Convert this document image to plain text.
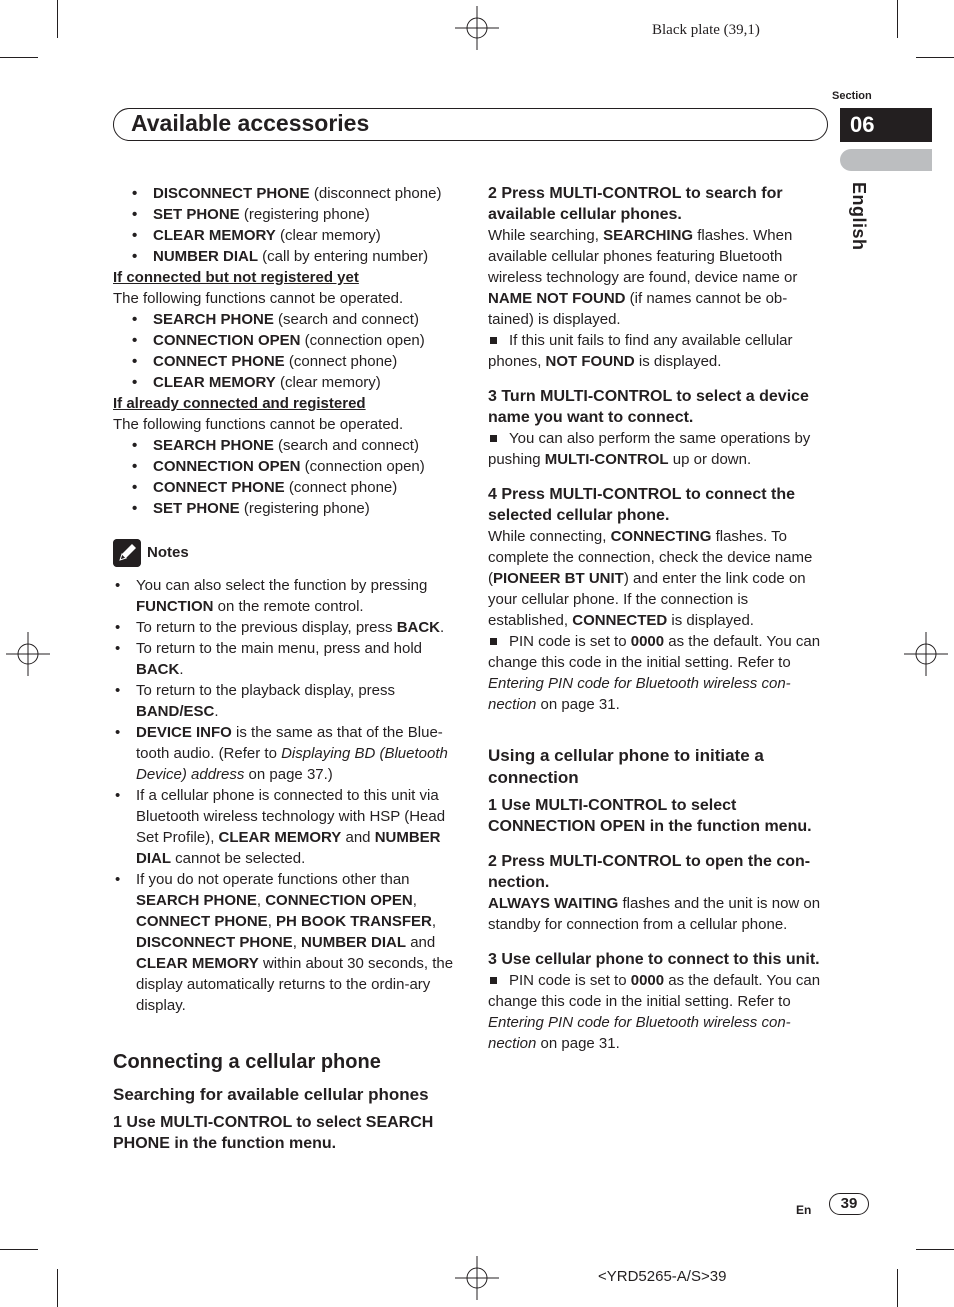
Black plate (39,1)
Section
06
English
Available accessories
• DISCONNECT PHONE (disconnect phone)
• SET PHONE (registering phone)
• CLEAR MEMORY (clear memory)
• NUMBER DIAL (call by entering number)

If connected but not registered yet

The following functions cannot be operated.

• SEARCH PHONE (search and connect)
• CONNECTION OPEN (connection open)
• CONNECT PHONE (connect phone)
• CLEAR MEMORY (clear memory)

If already connected and registered

The following functions cannot be operated.

• SEARCH PHONE (search and connect)
• CONNECTION OPEN (connection open)
• CONNECT PHONE (connect phone)
• SET PHONE (registering phone)
Notes
• You can also select the function by pressing FUNCTION on the remote control.
• To return to the previous display, press BACK.
• To return to the main menu, press and hold BACK.
• To return to the playback display, press BAND/ESC.
• DEVICE INFO is the same as that of the Blue-tooth audio. (Refer to Displaying BD (Bluetooth Device) address on page 37.)
• If a cellular phone is connected to this unit via Bluetooth wireless technology with HSP (Head Set Profile), CLEAR MEMORY and NUMBER DIAL cannot be selected.
• If you do not operate functions other than SEARCH PHONE, CONNECTION OPEN, CONNECT PHONE, PH BOOK TRANSFER, DISCONNECT PHONE, NUMBER DIAL and CLEAR MEMORY within about 30 seconds, the display automatically returns to the ordin-ary display.

Connecting a cellular phone

Searching for available cellular phones

1 Use MULTI-CONTROL to select SEARCH PHONE in the function menu.

2 Press MULTI-CONTROL to search for available cellular phones.

While searching, SEARCHING flashes. When available cellular phones featuring Bluetooth wireless technology are found, device name or NAME NOT FOUND (if names cannot be ob-tained) is displayed.

If this unit fails to find any available cellular phones, NOT FOUND is displayed.

3 Turn MULTI-CONTROL to select a device name you want to connect.

You can also perform the same operations by pushing MULTI-CONTROL up or down.

4 Press MULTI-CONTROL to connect the selected cellular phone.

While connecting, CONNECTING flashes. To complete the connection, check the device name (PIONEER BT UNIT) and enter the link code on your cellular phone. If the connection is established, CONNECTED is displayed.

PIN code is set to 0000 as the default. You can change this code in the initial setting. Refer to Entering PIN code for Bluetooth wireless con-nection on page 31.

Using a cellular phone to initiate a connection

1 Use MULTI-CONTROL to select CONNECTION OPEN in the function menu.

2 Press MULTI-CONTROL to open the con-nection.

ALWAYS WAITING flashes and the unit is now on standby for connection from a cellular phone.

3 Use cellular phone to connect to this unit.

PIN code is set to 0000 as the default. You can change this code in the initial setting. Refer to Entering PIN code for Bluetooth wireless con-nection on page 31.

En	39
<YRD5265-A/S>39
